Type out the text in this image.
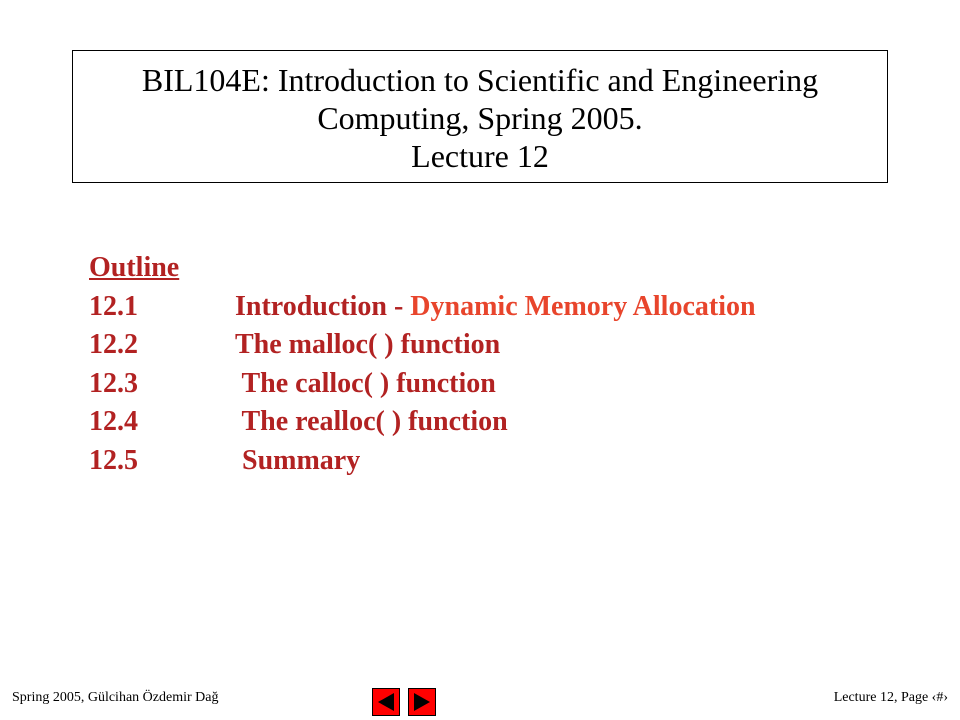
BIL104E: Introduction to Scientific and Engineering
Computing, Spring 2005.
Lecture 12
Outline
12.1	Introduction - Dynamic Memory Allocation
12.2	The malloc( ) function
12.3	The calloc( ) function
12.4	The realloc( ) function
12.5	Summary
Spring 2005, Gülcihan Özdemir Dağ	Lecture 12, Page ‹#›
